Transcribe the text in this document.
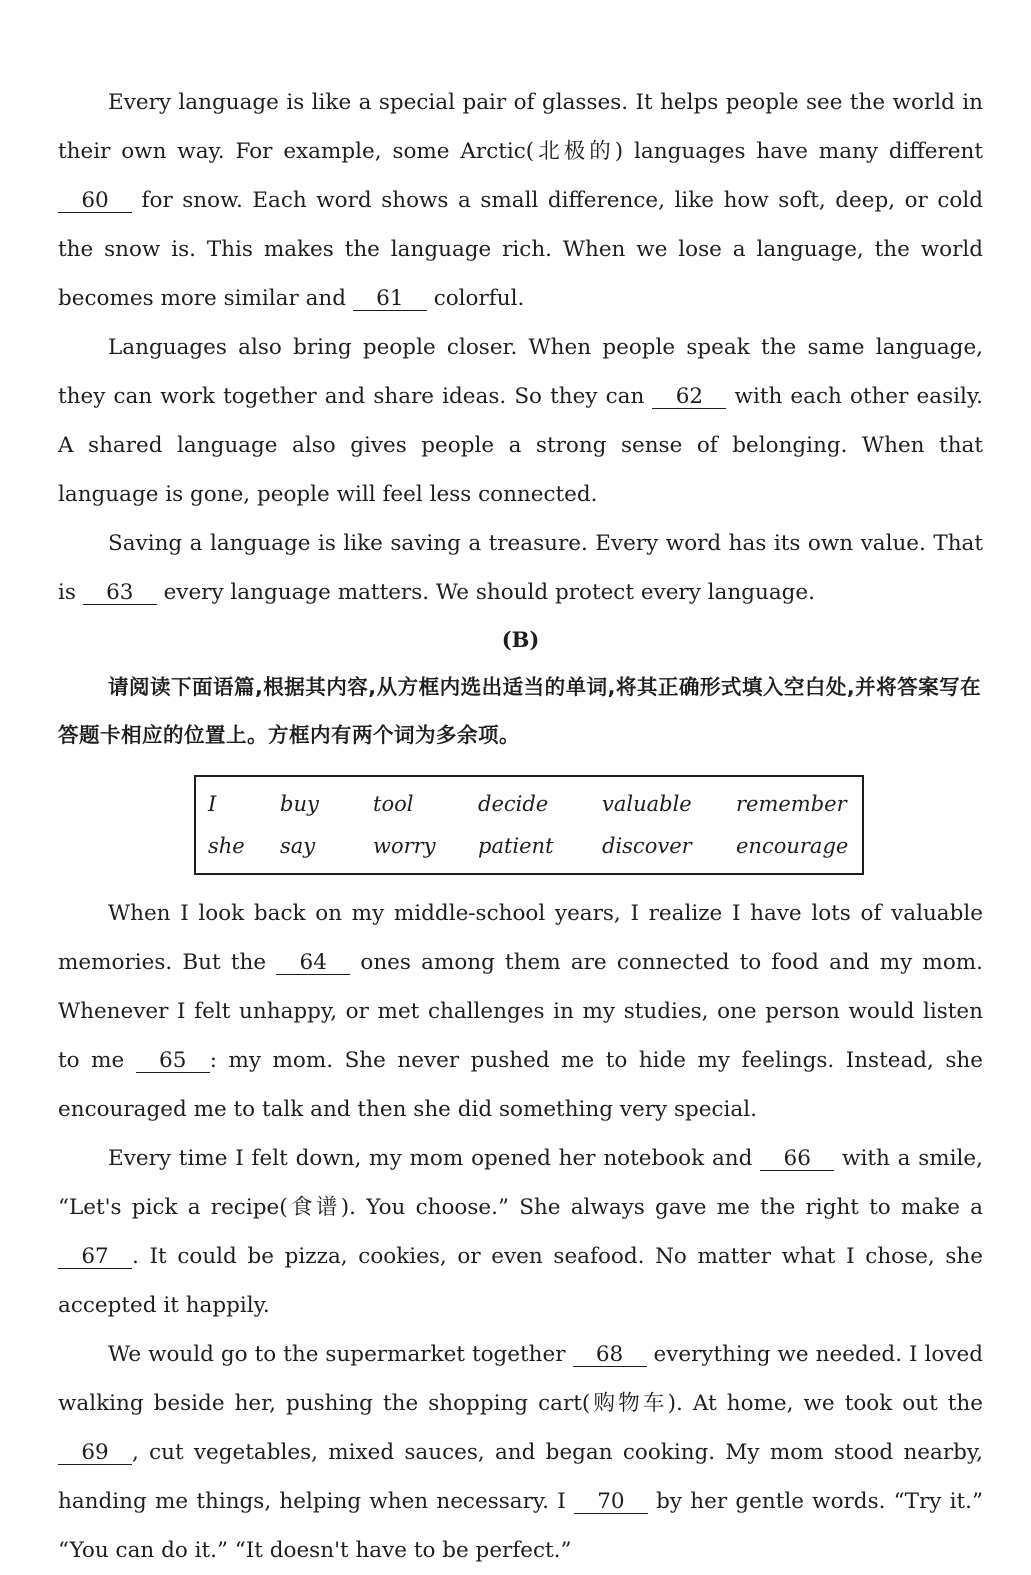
Every language is like a special pair of glasses. It helps people see the world in their own way. For example, some Arctic(北极的) languages have many different 60 for snow. Each word shows a small difference, like how soft, deep, or cold the snow is. This makes the language rich. When we lose a language, the world becomes more similar and 61 colorful.

Languages also bring people closer. When people speak the same language, they can work together and share ideas. So they can 62 with each other easily. A shared language also gives people a strong sense of belonging. When that language is gone, people will feel less connected.

Saving a language is like saving a treasure. Every word has its own value. That is 63 every language matters. We should protect every language.

(B)

请阅读下面语篇,根据其内容,从方框内选出适当的单词,将其正确形式填入空白处,并将答案写在答题卡相应的位置上。方框内有两个词为多余项。

I	buy	tool	decide	valuable	remember
she	say	worry	patient	discover	encourage

When I look back on my middle-school years, I realize I have lots of valuable memories. But the 64 ones among them are connected to food and my mom. Whenever I felt unhappy, or met challenges in my studies, one person would listen to me 65 : my mom. She never pushed me to hide my feelings. Instead, she encouraged me to talk and then she did something very special.

Every time I felt down, my mom opened her notebook and 66 with a smile, “Let's pick a recipe(食谱). You choose.” She always gave me the right to make a 67 . It could be pizza, cookies, or even seafood. No matter what I chose, she accepted it happily.

We would go to the supermarket together 68 everything we needed. I loved walking beside her, pushing the shopping cart(购物车). At home, we took out the 69 , cut vegetables, mixed sauces, and began cooking. My mom stood nearby, handing me things, helping when necessary. I 70 by her gentle words. “Try it.” “You can do it.” “It doesn't have to be perfect.”
